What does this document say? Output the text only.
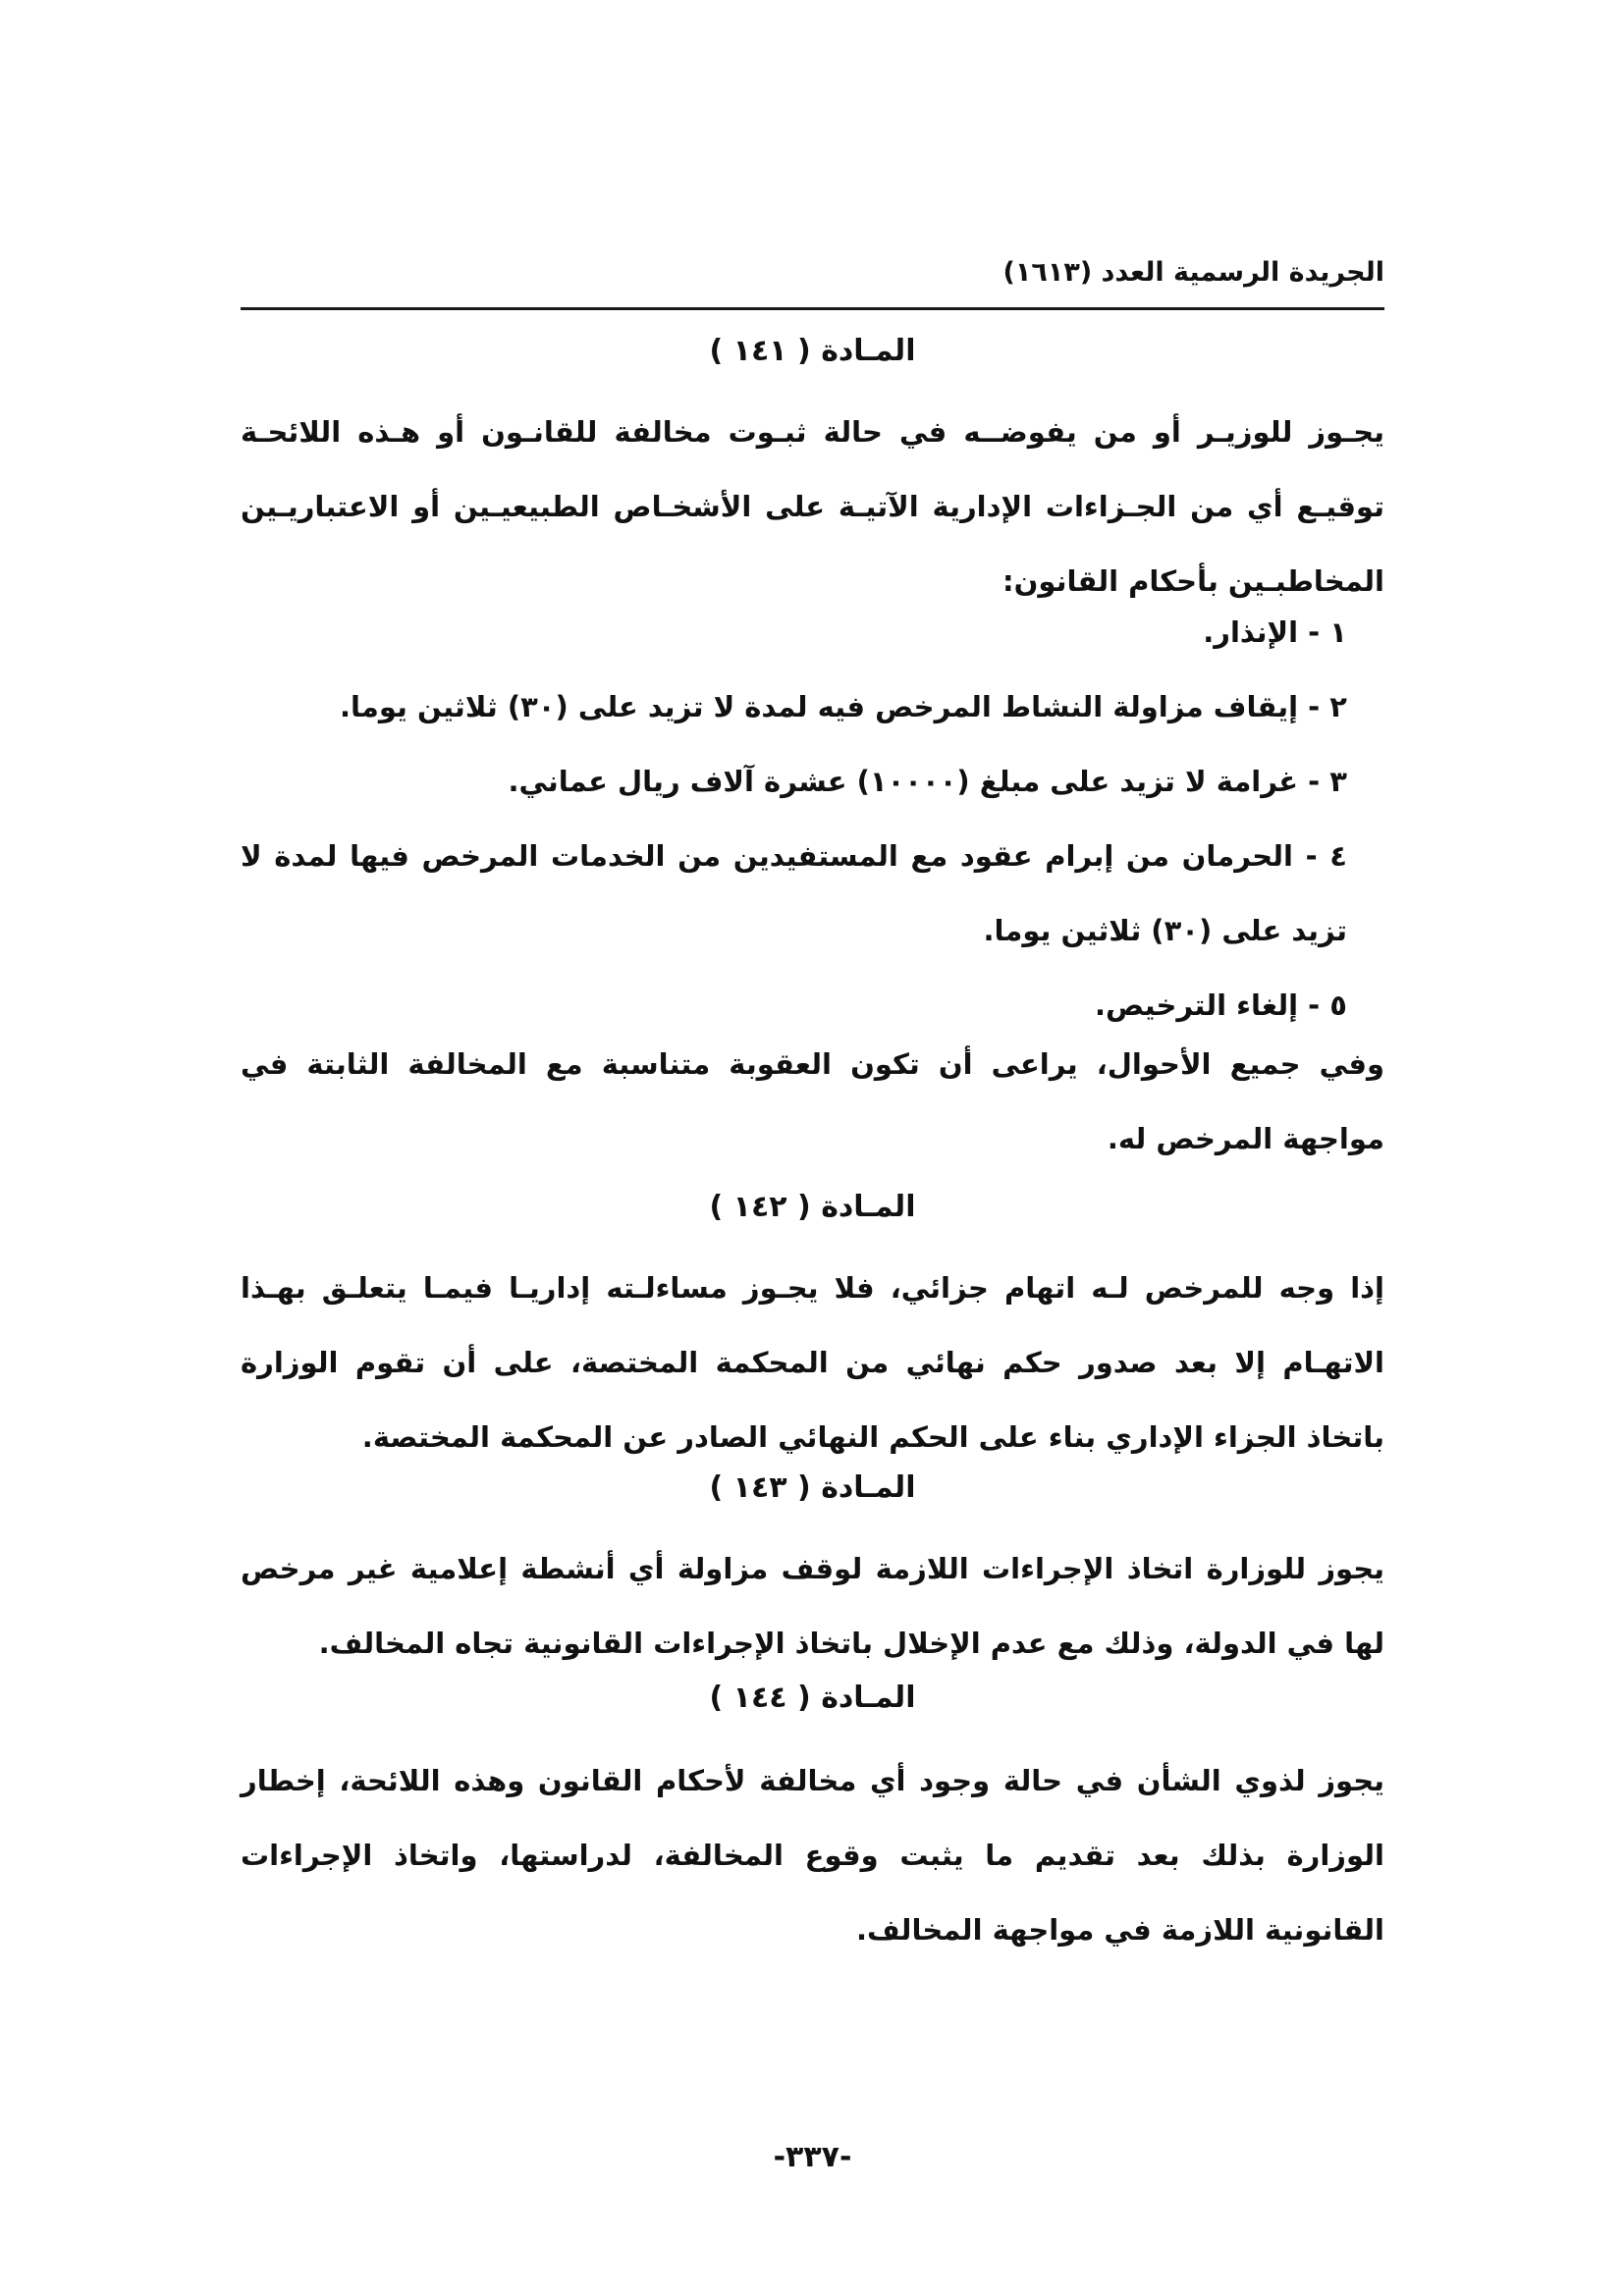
الجريدة الرسمية العدد (١٦١٣)
المـادة ( ١٤١ )
يجـوز للوزيـر أو من يفوضــه في حالة ثبـوت مخالفة للقانـون أو هـذه اللائحـة توقيـع أي من الجـزاءات الإدارية الآتيـة على الأشخـاص الطبيعيـين أو الاعتباريـين المخاطبـين بأحكام القانون:
١ - الإنذار.
٢ - إيقاف مزاولة النشاط المرخص فيه لمدة لا تزيد على (٣٠) ثلاثين يوما.
٣ - غرامة لا تزيد على مبلغ (١٠٠٠٠) عشرة آلاف ريال عماني.
٤ - الحرمان من إبرام عقود مع المستفيدين من الخدمات المرخص فيها لمدة لا تزيد على (٣٠) ثلاثين يوما.
٥ - إلغاء الترخيص.
وفي جميع الأحوال، يراعى أن تكون العقوبة متناسبة مع المخالفة الثابتة في مواجهة المرخص له.
المـادة ( ١٤٢ )
إذا وجه للمرخص لـه اتهام جزائي، فلا يجـوز مساءلـته إداريـا فيمـا يتعلـق بهـذا الاتهـام إلا بعد صدور حكم نهائي من المحكمة المختصة، على أن تقوم الوزارة باتخاذ الجزاء الإداري بناء على الحكم النهائي الصادر عن المحكمة المختصة.
المـادة ( ١٤٣ )
يجوز للوزارة اتخاذ الإجراءات اللازمة لوقف مزاولة أي أنشطة إعلامية غير مرخص لها في الدولة، وذلك مع عدم الإخلال باتخاذ الإجراءات القانونية تجاه المخالف.
المـادة ( ١٤٤ )
يجوز لذوي الشأن في حالة وجود أي مخالفة لأحكام القانون وهذه اللائحة، إخطار الوزارة بذلك بعد تقديم ما يثبت وقوع المخالفة، لدراستها، واتخاذ الإجراءات القانونية اللازمة في مواجهة المخالف.
-٣٣٧-
